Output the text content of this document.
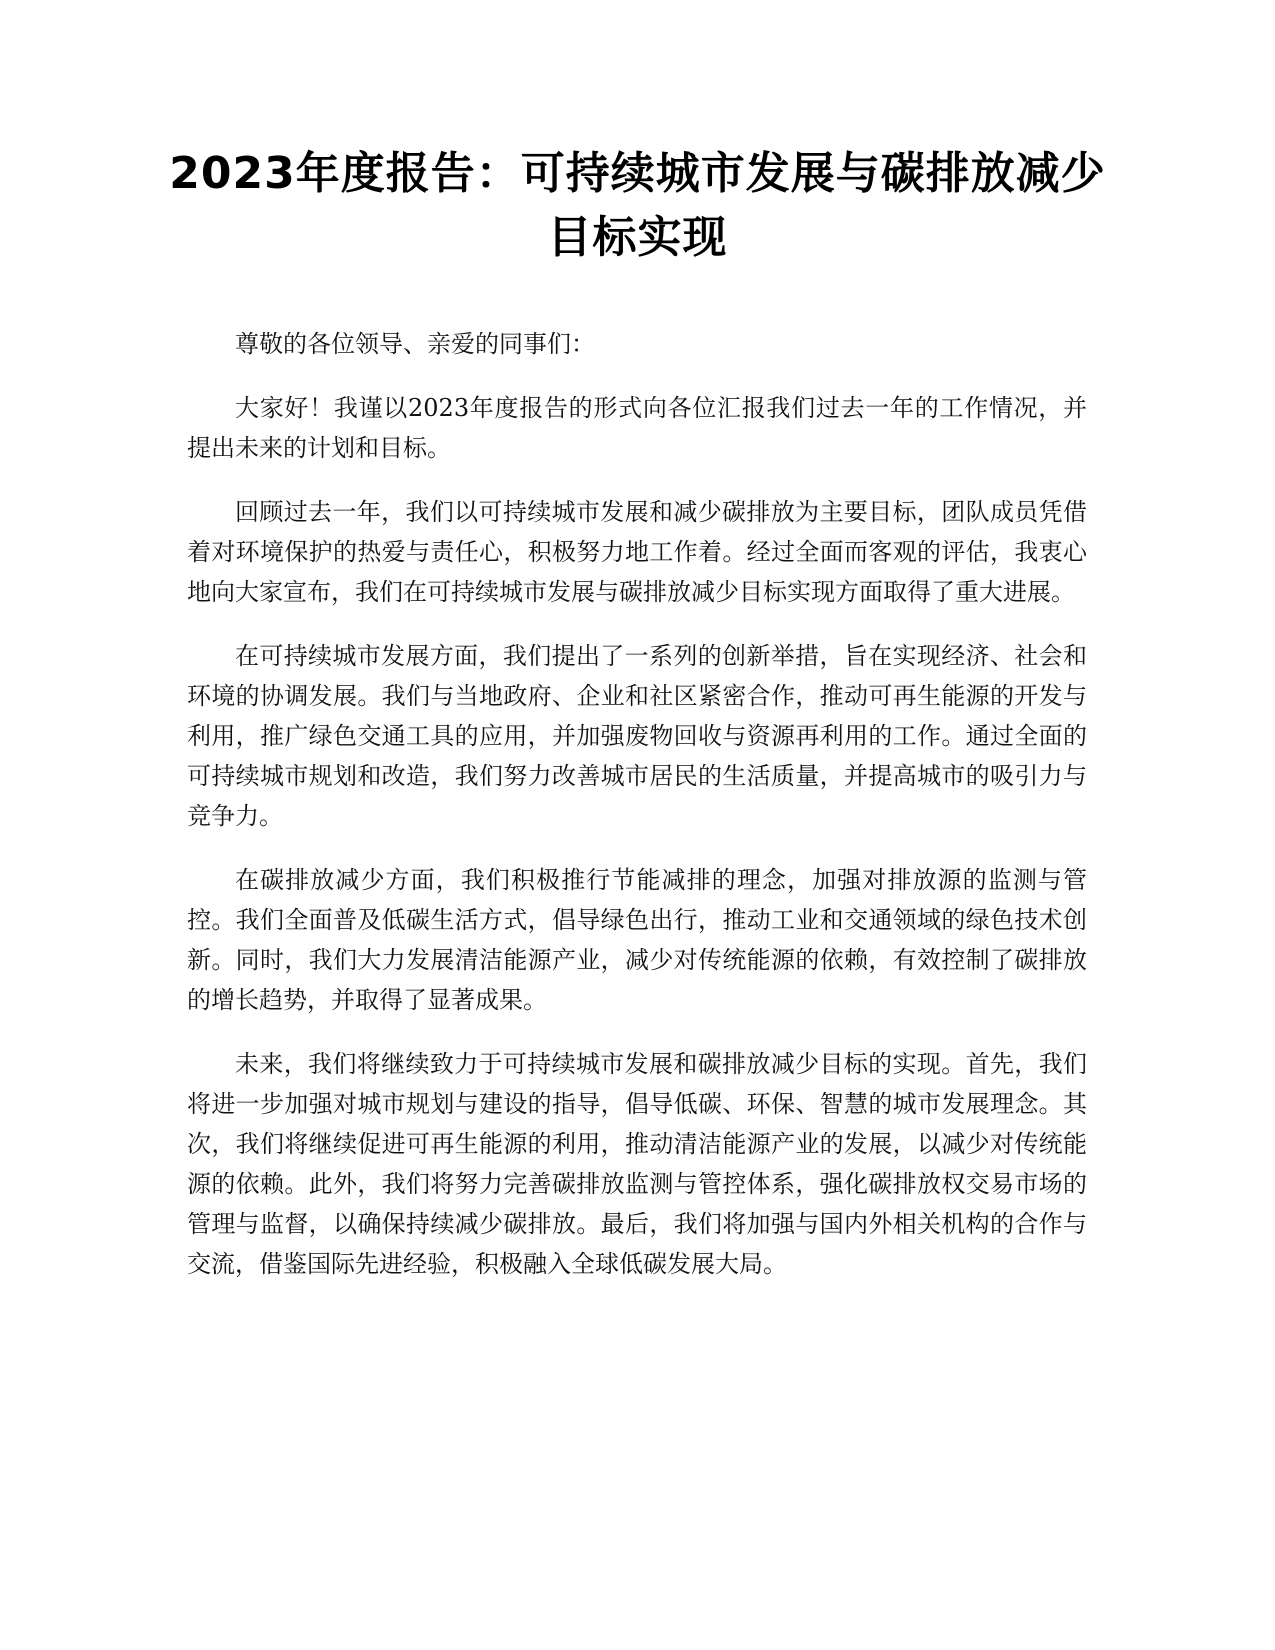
2023年度报告：可持续城市发展与碳排放减少目标实现

尊敬的各位领导、亲爱的同事们：

大家好！我谨以2023年度报告的形式向各位汇报我们过去一年的工作情况，并提出未来的计划和目标。

回顾过去一年，我们以可持续城市发展和减少碳排放为主要目标，团队成员凭借着对环境保护的热爱与责任心，积极努力地工作着。经过全面而客观的评估，我衷心地向大家宣布，我们在可持续城市发展与碳排放减少目标实现方面取得了重大进展。

在可持续城市发展方面，我们提出了一系列的创新举措，旨在实现经济、社会和环境的协调发展。我们与当地政府、企业和社区紧密合作，推动可再生能源的开发与利用，推广绿色交通工具的应用，并加强废物回收与资源再利用的工作。通过全面的可持续城市规划和改造，我们努力改善城市居民的生活质量，并提高城市的吸引力与竞争力。

在碳排放减少方面，我们积极推行节能减排的理念，加强对排放源的监测与管控。我们全面普及低碳生活方式，倡导绿色出行，推动工业和交通领域的绿色技术创新。同时，我们大力发展清洁能源产业，减少对传统能源的依赖，有效控制了碳排放的增长趋势，并取得了显著成果。

未来，我们将继续致力于可持续城市发展和碳排放减少目标的实现。首先，我们将进一步加强对城市规划与建设的指导，倡导低碳、环保、智慧的城市发展理念。其次，我们将继续促进可再生能源的利用，推动清洁能源产业的发展，以减少对传统能源的依赖。此外，我们将努力完善碳排放监测与管控体系，强化碳排放权交易市场的管理与监督，以确保持续减少碳排放。最后，我们将加强与国内外相关机构的合作与交流，借鉴国际先进经验，积极融入全球低碳发展大局。
